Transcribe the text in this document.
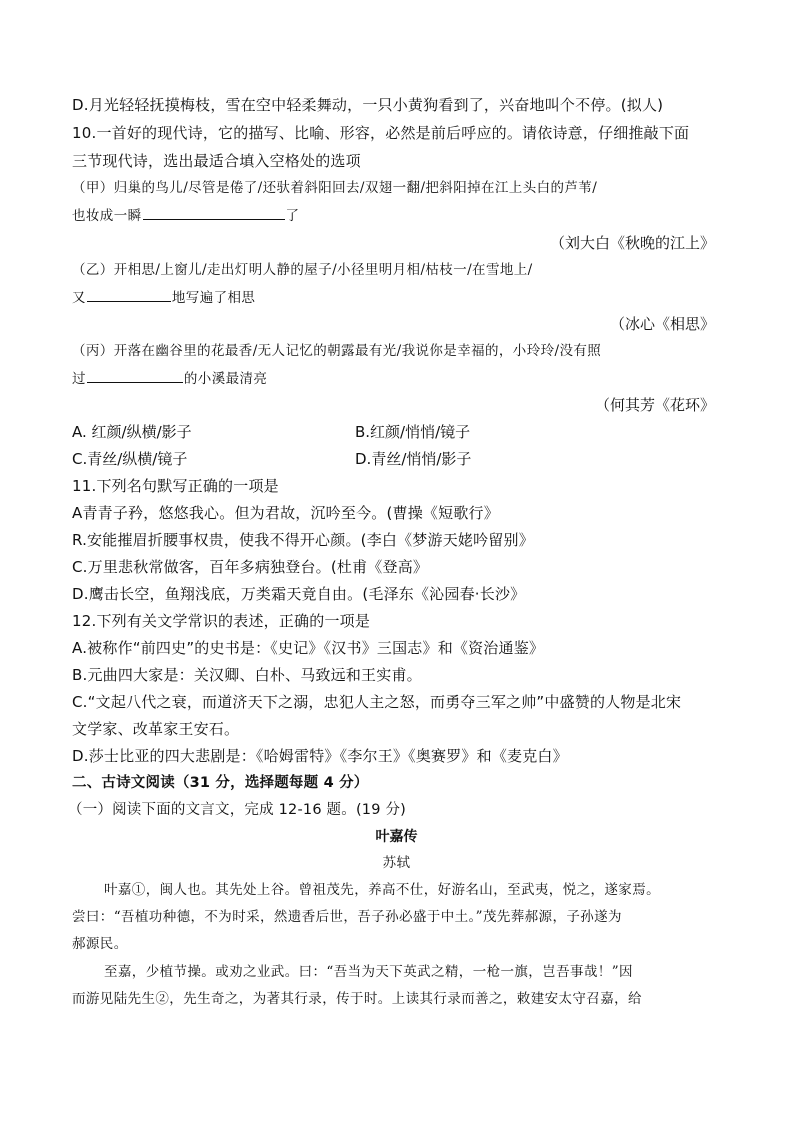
D.月光轻轻抚摸梅枝，雪在空中轻柔舞动，一只小黄狗看到了，兴奋地叫个不停。(拟人)
10.一首好的现代诗，它的描写、比喻、形容，必然是前后呼应的。请依诗意，仔细推敲下面
三节现代诗，选出最适合填入空格处的选项
（甲）归巢的鸟儿/尽管是倦了/还驮着斜阳回去/双翅一翻/把斜阳掉在江上头白的芦苇/
也妆成一瞬	了
（刘大白《秋晚的江上》
（乙）开相思/上窗儿/走出灯明人静的屋子/小径里明月相/枯枝一/在雪地上/
又	地写遍了相思
（冰心《相思》
（丙）开落在幽谷里的花最香/无人记忆的朝露最有光/我说你是幸福的，小玲玲/没有照
过	的小溪最清亮
（何其芳《花环》
A. 红颜/纵横/影子	B.红颜/悄悄/镜子
C.青丝/纵横/镜子	D.青丝/悄悄/影子
11.下列名句默写正确的一项是
A青青子矜，悠悠我心。但为君故，沉吟至今。(曹操《短歌行》
R.安能摧眉折腰事权贵，使我不得开心颜。(李白《梦游天姥吟留别》
C.万里悲秋常做客，百年多病独登台。(杜甫《登高》
D.鹰击长空，鱼翔浅底，万类霜天竟自由。(毛泽东《沁园春·长沙》
12.下列有关文学常识的表述，正确的一项是
A.被称作“前四史”的史书是：《史记》《汉书》三国志》和《资治通鉴》
B.元曲四大家是：关汉卿、白朴、马致远和王实甫。
C.“文起八代之衰，而道济天下之溺，忠犯人主之怒，而勇夺三军之帅”中盛赞的人物是北宋
文学家、改革家王安石。
D.莎士比亚的四大悲剧是：《哈姆雷特》《李尔王》《奥赛罗》和《麦克白》
二、古诗文阅读（31 分，选择题每题 4 分）
（一）阅读下面的文言文，完成 12-16 题。(19 分)
叶嘉传
苏轼
叶嘉①，闽人也。其先处上谷。曾祖茂先，养高不仕，好游名山，至武夷，悦之，遂家焉。
尝曰：“吾植功种德，不为时采，然遗香后世，吾子孙必盛于中土。”茂先葬郝源，子孙遂为
郝源民。
至嘉，少植节操。或劝之业武。曰：“吾当为天下英武之精，一枪一旗，岂吾事哉！”因
而游见陆先生②，先生奇之，为著其行录，传于时。上读其行录而善之，敕建安太守召嘉，给
